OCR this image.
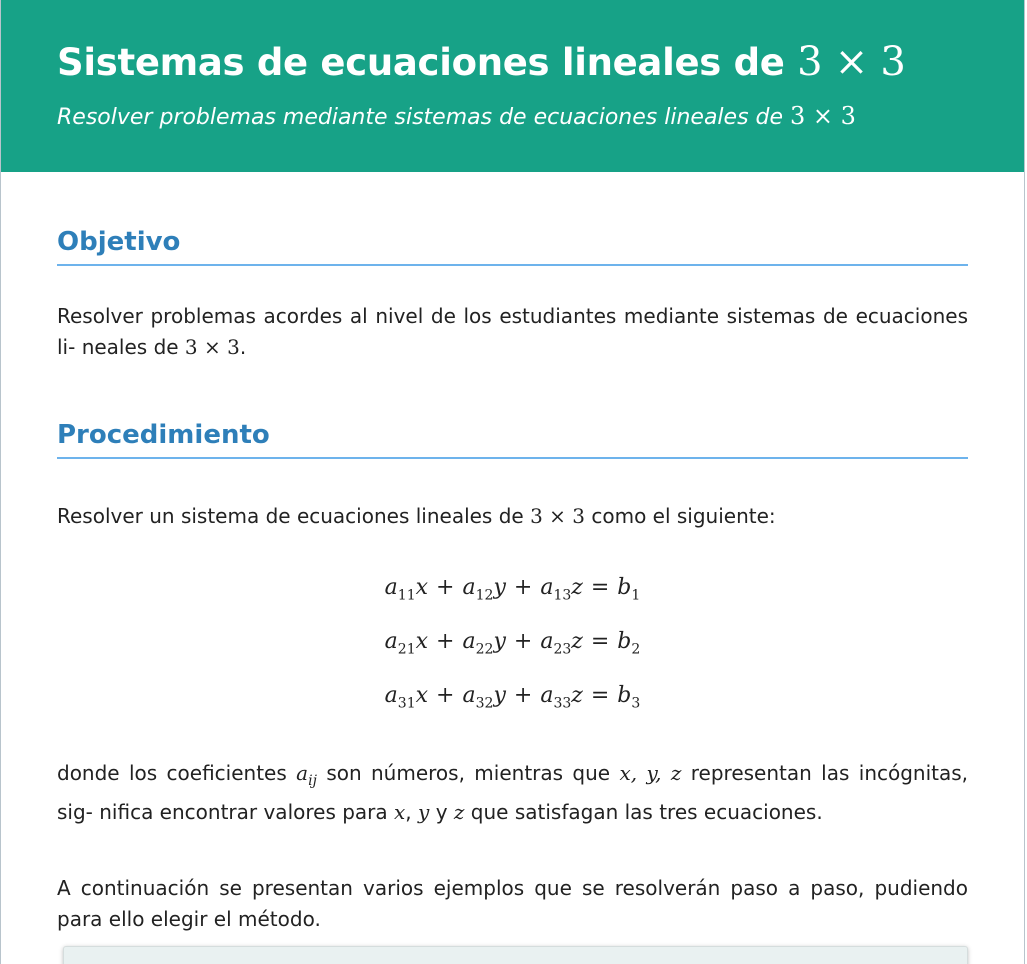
Sistemas de ecuaciones lineales de 3 × 3
Resolver problemas mediante sistemas de ecuaciones lineales de 3 × 3
Objetivo

Resolver problemas acordes al nivel de los estudiantes mediante sistemas de ecuaciones li- neales de 3 × 3.

Procedimiento

Resolver un sistema de ecuaciones lineales de 3 × 3 como el siguiente:

$a_{11}x + a_{12}y + a_{13}z = b_1$
$a_{21}x + a_{22}y + a_{23}z = b_2$
$a_{31}x + a_{32}y + a_{33}z = b_3$

donde los coeficientes $a_{ij}$ son números, mientras que x, y, z representan las incógnitas, sig- nifica encontrar valores para x, y y z que satisfagan las tres ecuaciones.

A continuación se presentan varios ejemplos que se resolverán paso a paso, pudiendo para ello elegir el método.
